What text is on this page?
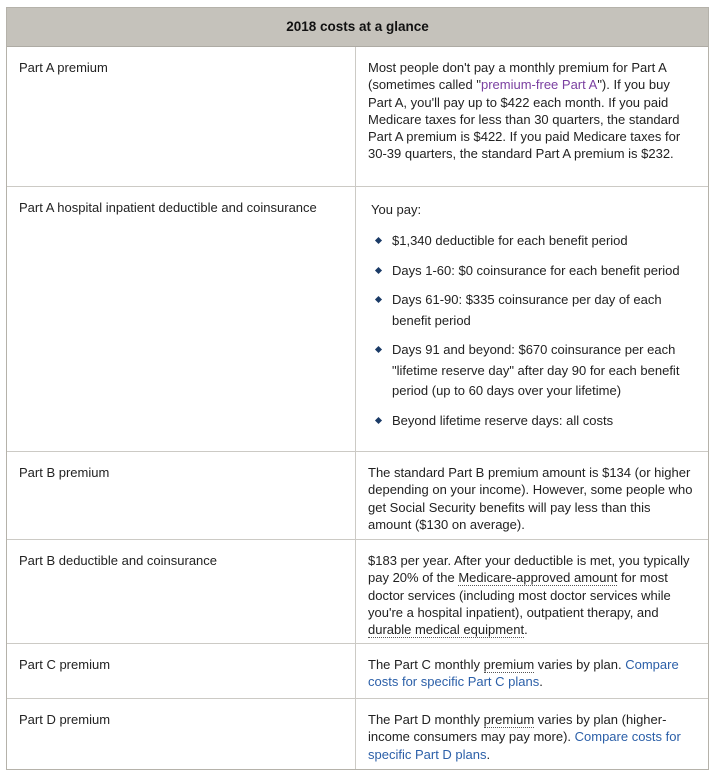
2018 costs at a glance
Part A premium	Most people don't pay a monthly premium for Part A (sometimes called "premium-free Part A"). If you buy Part A, you'll pay up to $422 each month. If you paid Medicare taxes for less than 30 quarters, the standard Part A premium is $422. If you paid Medicare taxes for 30-39 quarters, the standard Part A premium is $232.
Part A hospital inpatient deductible and coinsurance	You pay:
$1,340 deductible for each benefit period
Days 1-60: $0 coinsurance for each benefit period
Days 61-90: $335 coinsurance per day of each benefit period
Days 91 and beyond: $670 coinsurance per each "lifetime reserve day" after day 90 for each benefit period (up to 60 days over your lifetime)
Beyond lifetime reserve days: all costs
Part B premium	The standard Part B premium amount is $134 (or higher depending on your income). However, some people who get Social Security benefits will pay less than this amount ($130 on average).
Part B deductible and coinsurance	$183 per year. After your deductible is met, you typically pay 20% of the Medicare-approved amount for most doctor services (including most doctor services while you're a hospital inpatient), outpatient therapy, and durable medical equipment.
Part C premium	The Part C monthly premium varies by plan. Compare costs for specific Part C plans.
Part D premium	The Part D monthly premium varies by plan (higher-income consumers may pay more). Compare costs for specific Part D plans.
